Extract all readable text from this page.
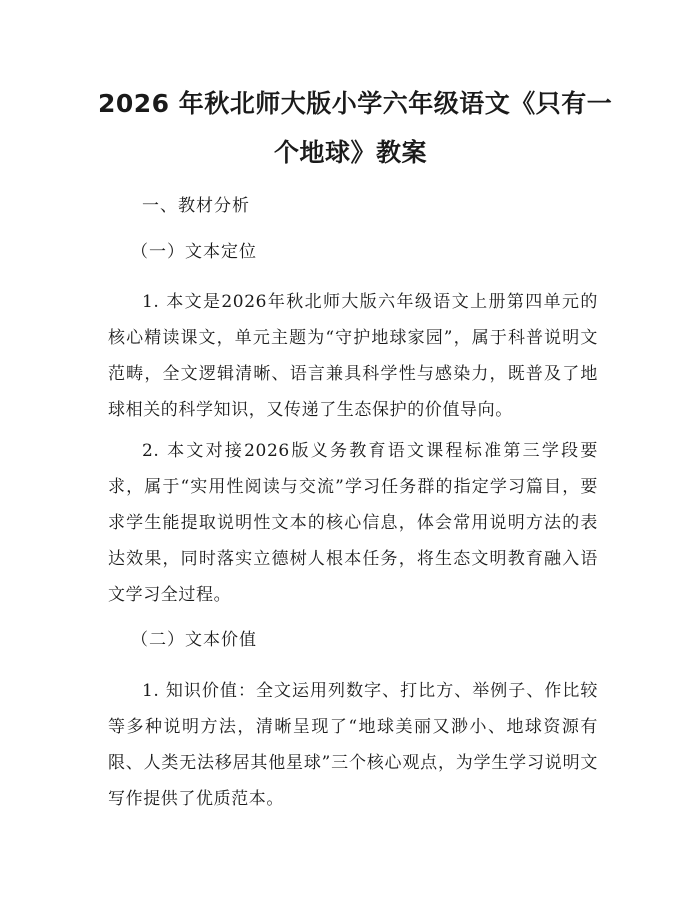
2026 年秋北师大版小学六年级语文《只有一
个地球》教案
一、教材分析
（一）文本定位

1. 本文是2026年秋北师大版六年级语文上册第四单元的核心精读课文，单元主题为“守护地球家园”，属于科普说明文范畴，全文逻辑清晰、语言兼具科学性与感染力，既普及了地球相关的科学知识，又传递了生态保护的价值导向。

2. 本文对接2026版义务教育语文课程标准第三学段要求，属于“实用性阅读与交流”学习任务群的指定学习篇目，要求学生能提取说明性文本的核心信息，体会常用说明方法的表达效果，同时落实立德树人根本任务，将生态文明教育融入语文学习全过程。

（二）文本价值

1. 知识价值：全文运用列数字、打比方、举例子、作比较等多种说明方法，清晰呈现了“地球美丽又渺小、地球资源有限、人类无法移居其他星球”三个核心观点，为学生学习说明文写作提供了优质范本。
